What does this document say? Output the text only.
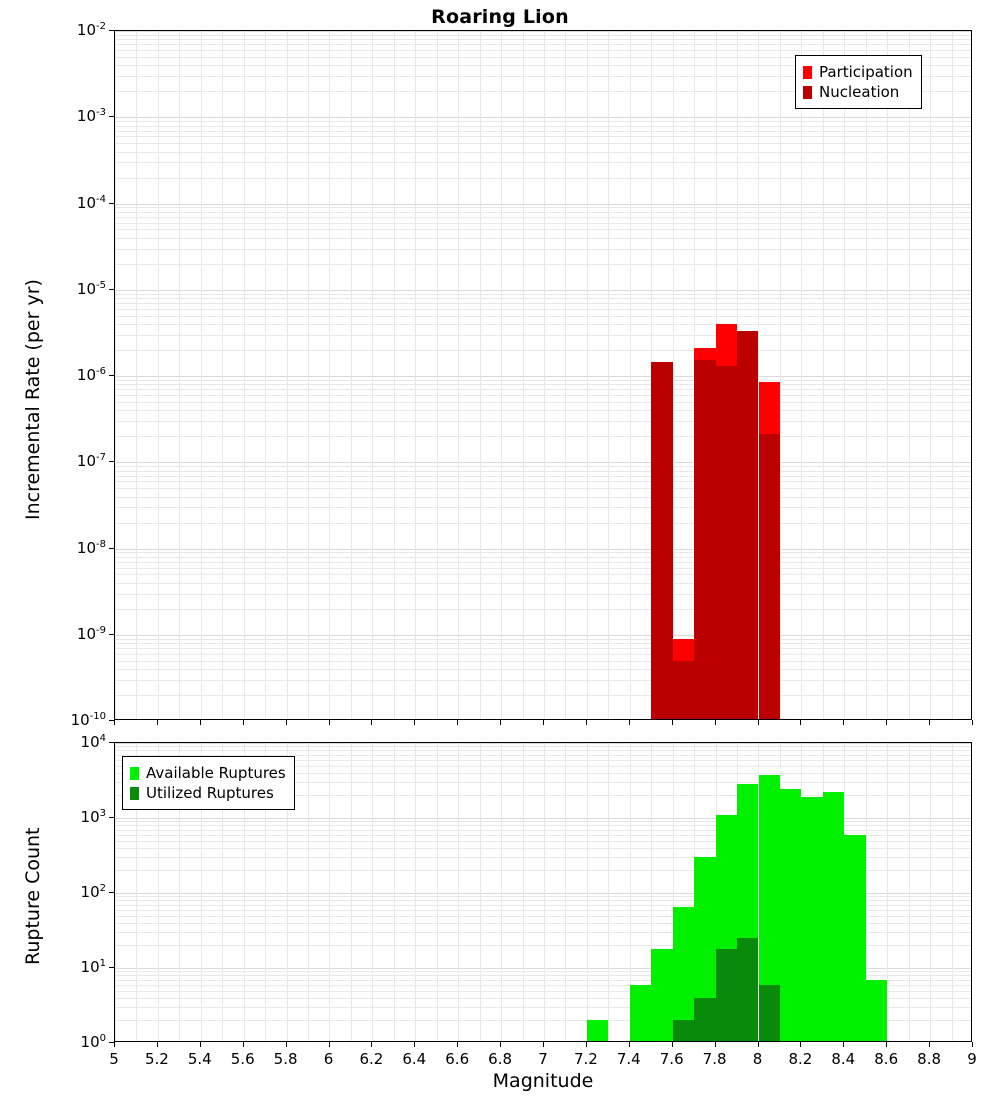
Roaring Lion
$10^{-10}$
$10^{-9}$
$10^{-8}$
$10^{-7}$
$10^{-6}$
$10^{-5}$
$10^{-4}$
$10^{-3}$
$10^{-2}$
Incremental Rate (per yr)
Participation
Nucleation
$10^0$
$10^1$
$10^2$
$10^3$
$10^4$
5 5.2 5.4 5.6 5.8 6 6.2 6.4 6.6 6.8 7 7.2 7.4 7.6 7.8 8 8.2 8.4 8.6 8.8 9
Rupture Count
Magnitude
Available Ruptures
Utilized Ruptures
